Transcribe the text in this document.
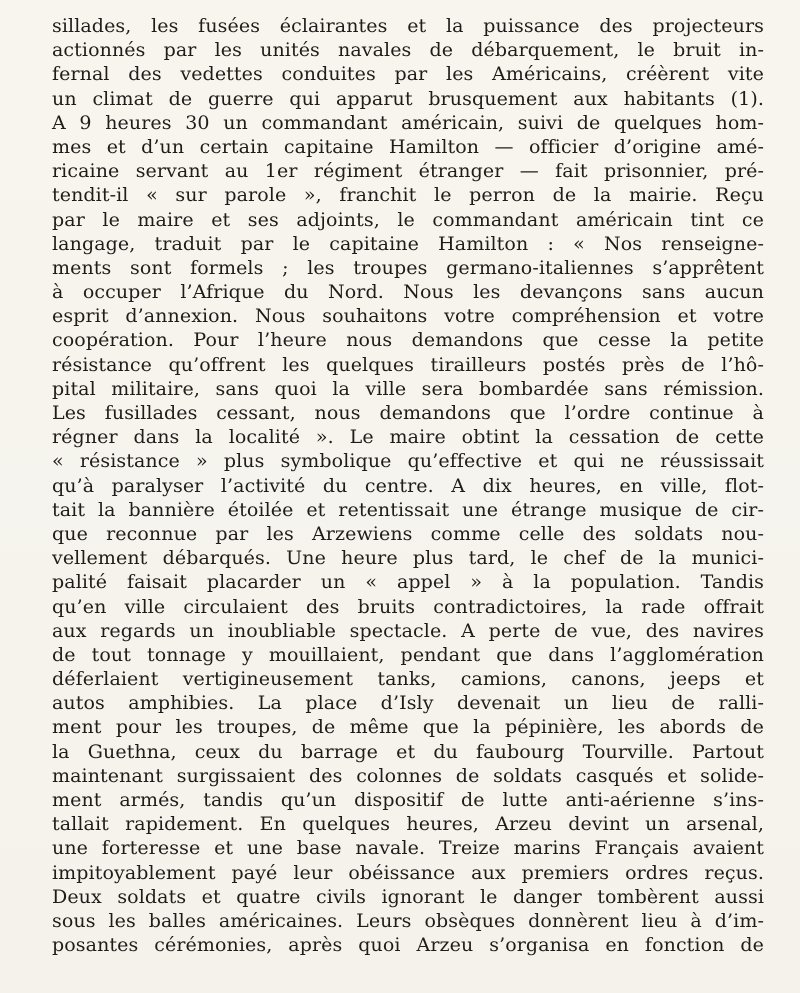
sillades, les fusées éclairantes et la puissance des projecteurs
actionnés par les unités navales de débarquement, le bruit in-
fernal des vedettes conduites par les Américains, créèrent vite
un climat de guerre qui apparut brusquement aux habitants (1).
A 9 heures 30 un commandant américain, suivi de quelques hom-
mes et d’un certain capitaine Hamilton — officier d’origine amé-
ricaine servant au 1er régiment étranger — fait prisonnier, pré-
tendit-il « sur parole », franchit le perron de la mairie. Reçu
par le maire et ses adjoints, le commandant américain tint ce
langage, traduit par le capitaine Hamilton : « Nos renseigne-
ments sont formels ; les troupes germano-italiennes s’apprêtent
à occuper l’Afrique du Nord. Nous les devançons sans aucun
esprit d’annexion. Nous souhaitons votre compréhension et votre
coopération. Pour l’heure nous demandons que cesse la petite
résistance qu’offrent les quelques tirailleurs postés près de l’hô-
pital militaire, sans quoi la ville sera bombardée sans rémission.
Les fusillades cessant, nous demandons que l’ordre continue à
régner dans la localité ». Le maire obtint la cessation de cette
« résistance » plus symbolique qu’effective et qui ne réussissait
qu’à paralyser l’activité du centre. A dix heures, en ville, flot-
tait la bannière étoilée et retentissait une étrange musique de cir-
que reconnue par les Arzewiens comme celle des soldats nou-
vellement débarqués. Une heure plus tard, le chef de la munici-
palité faisait placarder un « appel » à la population. Tandis
qu’en ville circulaient des bruits contradictoires, la rade offrait
aux regards un inoubliable spectacle. A perte de vue, des navires
de tout tonnage y mouillaient, pendant que dans l’agglomération
déferlaient vertigineusement tanks, camions, canons, jeeps et
autos amphibies. La place d’Isly devenait un lieu de ralli-
ment pour les troupes, de même que la pépinière, les abords de
la Guethna, ceux du barrage et du faubourg Tourville. Partout
maintenant surgissaient des colonnes de soldats casqués et solide-
ment armés, tandis qu’un dispositif de lutte anti-aérienne s’ins-
tallait rapidement. En quelques heures, Arzeu devint un arsenal,
une forteresse et une base navale. Treize marins Français avaient
impitoyablement payé leur obéissance aux premiers ordres reçus.
Deux soldats et quatre civils ignorant le danger tombèrent aussi
sous les balles américaines. Leurs obsèques donnèrent lieu à d’im-
posantes cérémonies, après quoi Arzeu s’organisa en fonction de
